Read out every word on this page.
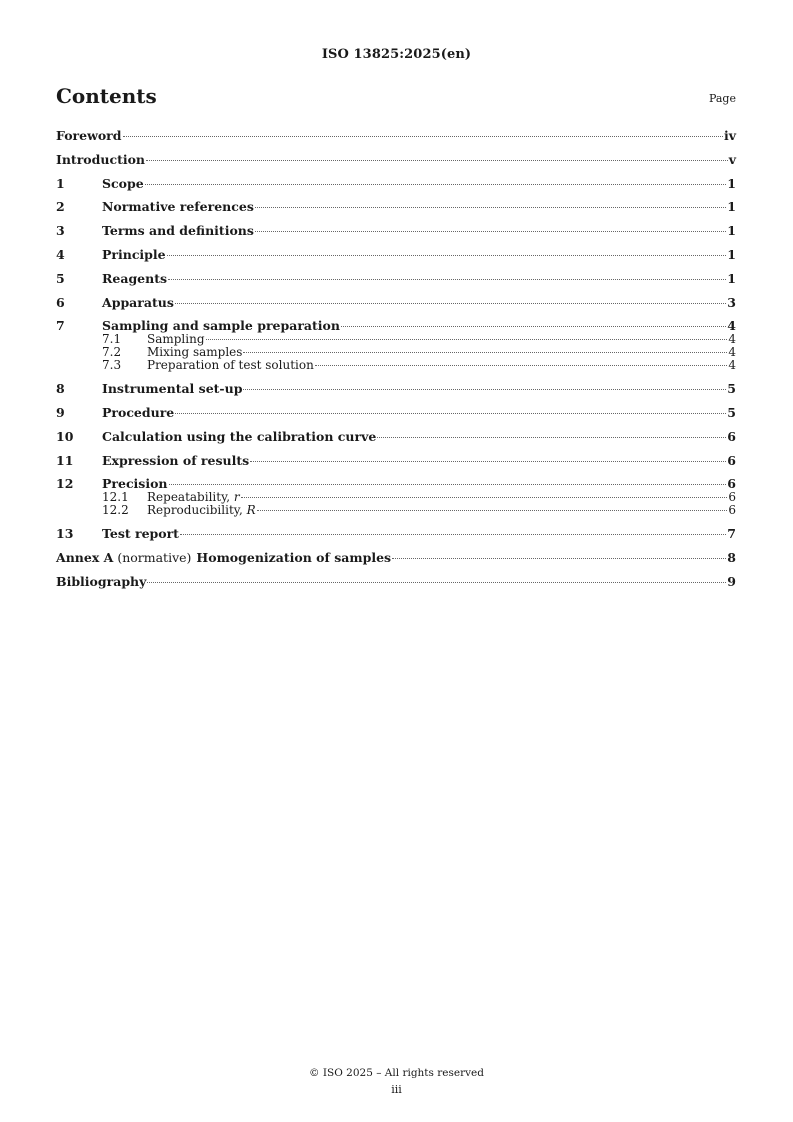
ISO 13825:2025(en)
Contents	Page
Foreword	iv
Introduction	v
1	Scope	1
2	Normative references	1
3	Terms and definitions	1
4	Principle	1
5	Reagents	1
6	Apparatus	3
7	Sampling and sample preparation	4
7.1	Sampling	4
7.2	Mixing samples	4
7.3	Preparation of test solution	4
8	Instrumental set-up	5
9	Procedure	5
10	Calculation using the calibration curve	6
11	Expression of results	6
12	Precision	6
12.1	Repeatability, r	6
12.2	Reproducibility, R	6
13	Test report	7
Annex A (normative) Homogenization of samples	8
Bibliography	9
© ISO 2025 – All rights reserved
iii
